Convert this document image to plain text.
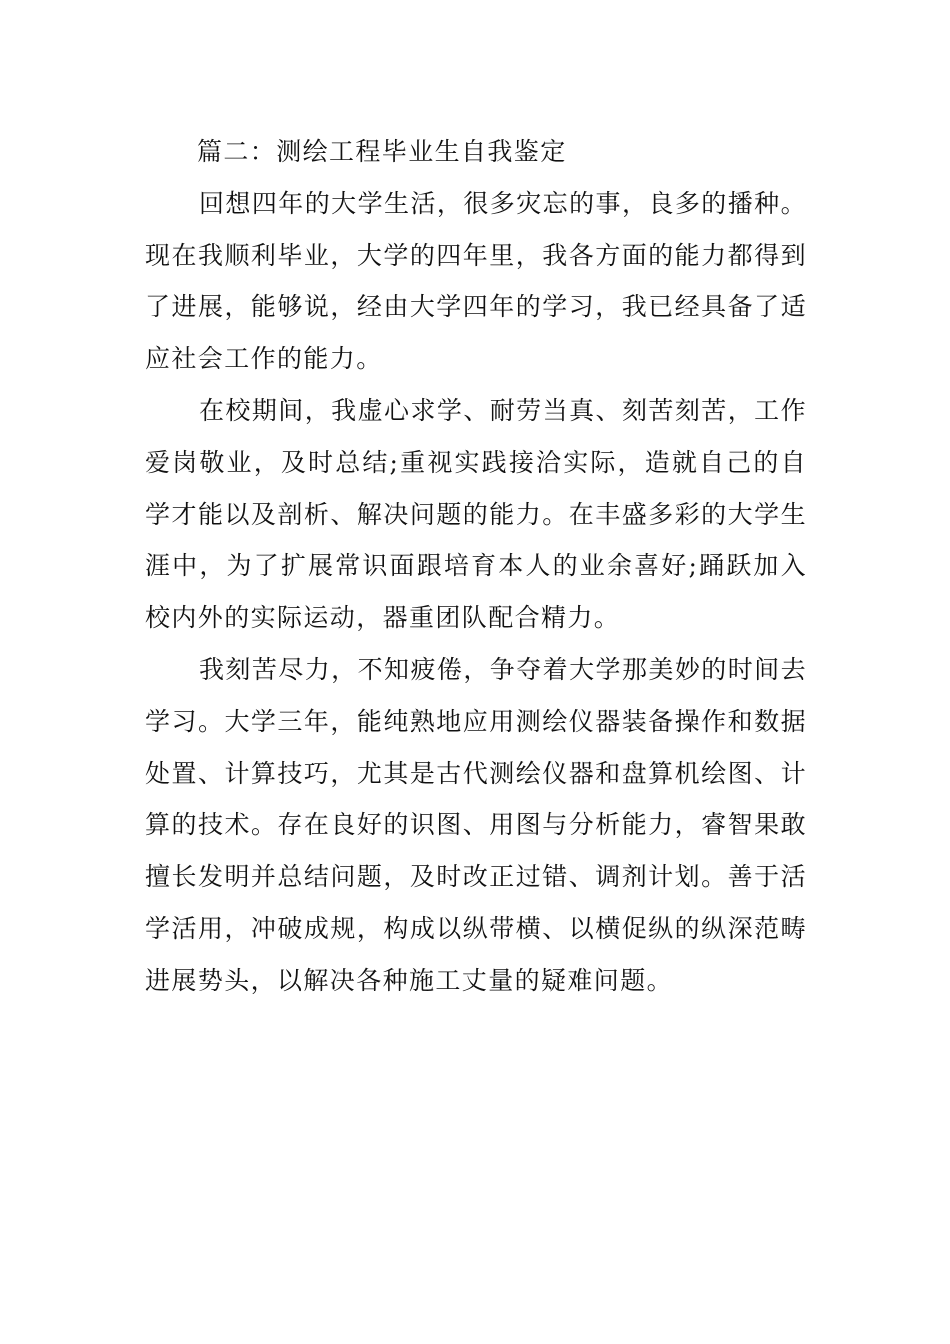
篇二：测绘工程毕业生自我鉴定

回想四年的大学生活，很多灾忘的事，良多的播种。现在我顺利毕业，大学的四年里，我各方面的能力都得到了进展，能够说，经由大学四年的学习，我已经具备了适应社会工作的能力。

在校期间，我虚心求学、耐劳当真、刻苦刻苦，工作爱岗敬业，及时总结;重视实践接洽实际，造就自己的自学才能以及剖析、解决问题的能力。在丰盛多彩的大学生涯中，为了扩展常识面跟培育本人的业余喜好;踊跃加入校内外的实际运动，器重团队配合精力。

我刻苦尽力，不知疲倦，争夺着大学那美妙的时间去学习。大学三年，能纯熟地应用测绘仪器装备操作和数据处置、计算技巧，尤其是古代测绘仪器和盘算机绘图、计算的技术。存在良好的识图、用图与分析能力，睿智果敢擅长发明并总结问题，及时改正过错、调剂计划。善于活学活用，冲破成规，构成以纵带横、以横促纵的纵深范畴进展势头，以解决各种施工丈量的疑难问题。
